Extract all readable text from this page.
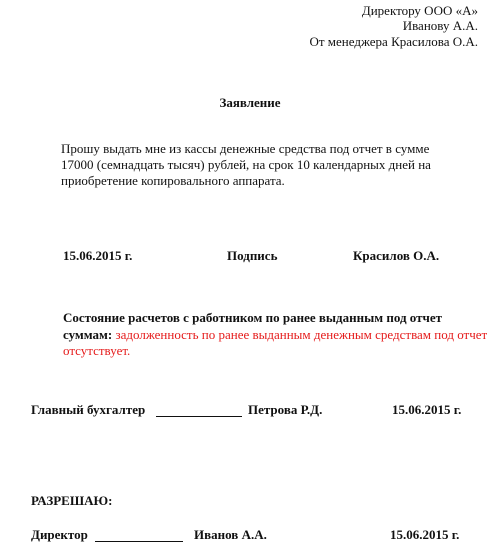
Директору ООО «А»
Иванову А.А.
От менеджера Красилова О.А.
Заявление
Прошу выдать мне из кассы денежные средства под отчет в сумме
17000 (семнадцать тысяч) рублей, на срок 10 календарных дней на
приобретение копировального аппарата.
15.06.2015 г.	Подпись	Красилов О.А.
Состояние расчетов с работником по ранее выданным под отчет
суммам: задолженность по ранее выданным денежным средствам под отчет
отсутствует.
Главный бухгалтер	Петрова Р.Д.	15.06.2015 г.
РАЗРЕШАЮ:
Директор	Иванов А.А.	15.06.2015 г.
